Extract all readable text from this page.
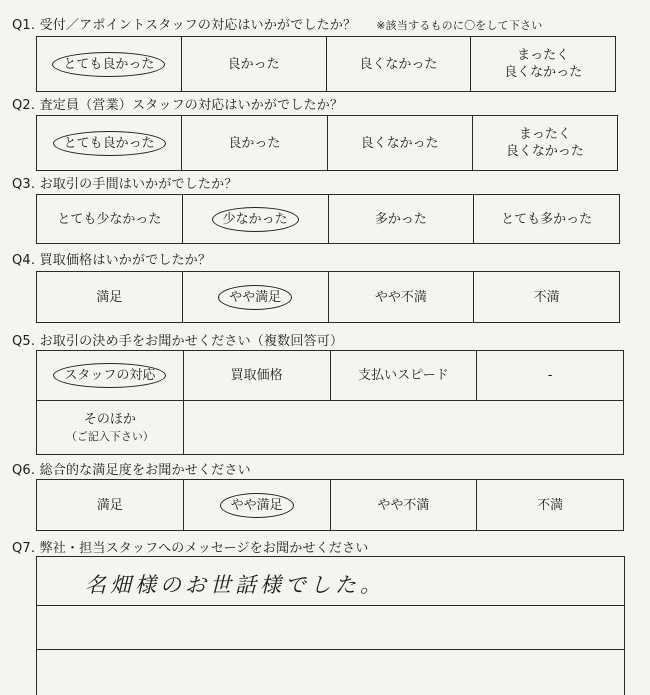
Q1. 受付／アポイントスタッフの対応はいかがでしたか？ ※該当するものに〇をして下さい
とても良かった	良かった	良くなかった	まったく
良くなかった
Q2. 査定員（営業）スタッフの対応はいかがでしたか？
とても良かった	良かった	良くなかった	まったく
良くなかった
Q3. お取引の手間はいかがでしたか？
とても少なかった	少なかった	多かった	とても多かった
Q4. 買取価格はいかがでしたか？
満足	やや満足	やや不満	不満
Q5. お取引の決め手をお聞かせください（複数回答可）
スタッフの対応	買取価格	支払いスピード	-
そのほか
（ご記入下さい）			
Q6. 総合的な満足度をお聞かせください
満足	やや満足	やや不満	不満
Q7. 弊社・担当スタッフへのメッセージをお聞かせください
名畑様のお世話様でした。
